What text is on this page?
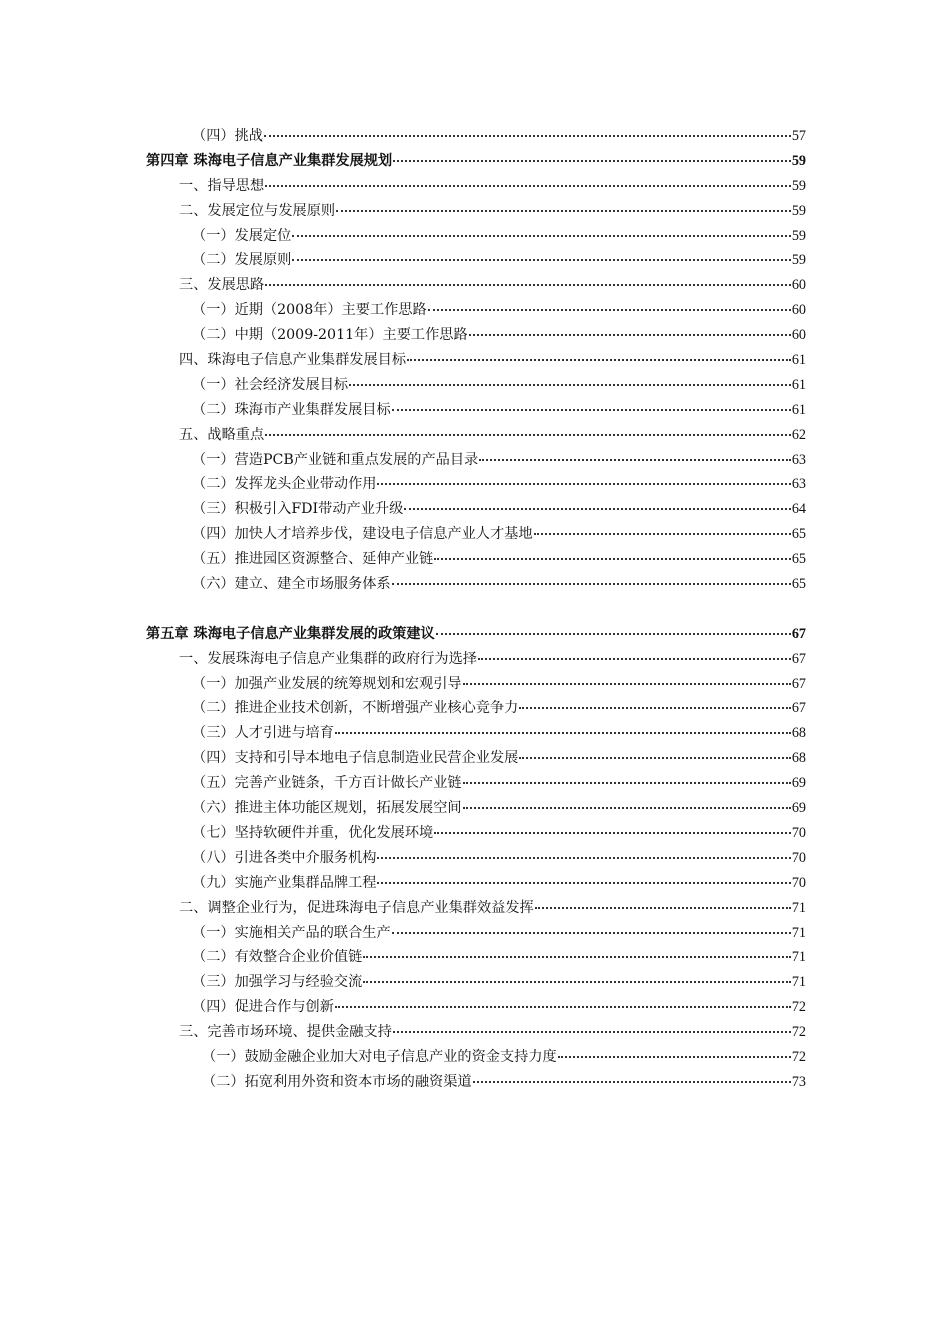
（四）挑战	57
第四章 珠海电子信息产业集群发展规划	59
一、指导思想	59
二、发展定位与发展原则	59
（一）发展定位	59
（二）发展原则	59
三、发展思路	60
（一）近期（2008年）主要工作思路	60
（二）中期（2009-2011年）主要工作思路	60
四、珠海电子信息产业集群发展目标	61
（一）社会经济发展目标	61
（二）珠海市产业集群发展目标	61
五、战略重点	62
（一）营造PCB产业链和重点发展的产品目录	63
（二）发挥龙头企业带动作用	63
（三）积极引入FDI带动产业升级	64
（四）加快人才培养步伐，建设电子信息产业人才基地	65
（五）推进园区资源整合、延伸产业链	65
（六）建立、建全市场服务体系	65
第五章 珠海电子信息产业集群发展的政策建议	67
一、发展珠海电子信息产业集群的政府行为选择	67
（一）加强产业发展的统筹规划和宏观引导	67
（二）推进企业技术创新，不断增强产业核心竞争力	67
（三）人才引进与培育	68
（四）支持和引导本地电子信息制造业民营企业发展	68
（五）完善产业链条，千方百计做长产业链	69
（六）推进主体功能区规划，拓展发展空间	69
（七）坚持软硬件并重，优化发展环境	70
（八）引进各类中介服务机构	70
（九）实施产业集群品牌工程	70
二、调整企业行为，促进珠海电子信息产业集群效益发挥	71
（一）实施相关产品的联合生产	71
（二）有效整合企业价值链	71
（三）加强学习与经验交流	71
（四）促进合作与创新	72
三、完善市场环境、提供金融支持	72
（一）鼓励金融企业加大对电子信息产业的资金支持力度	72
（二）拓宽利用外资和资本市场的融资渠道	73
